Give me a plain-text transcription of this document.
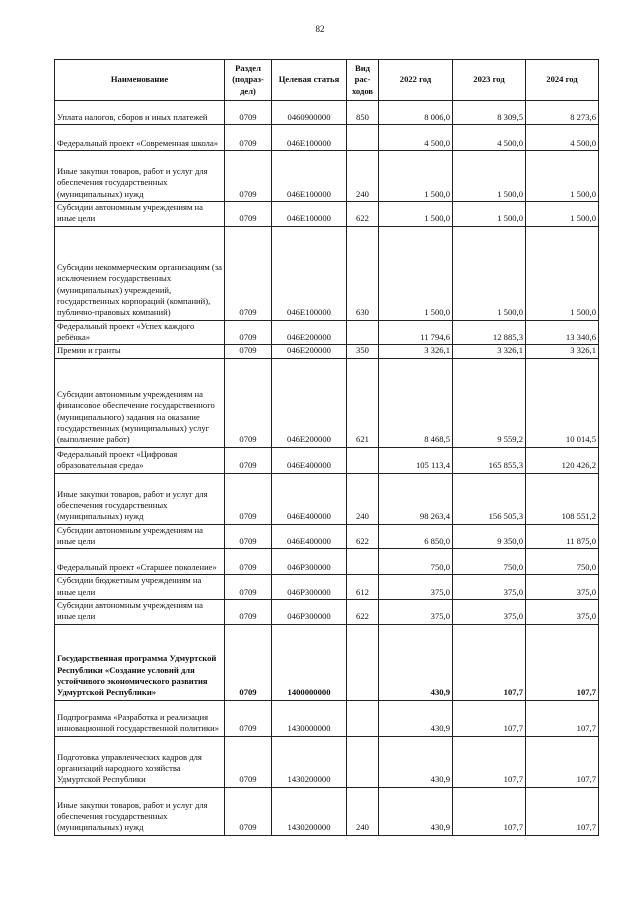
82
Наименование	Раздел (подраз- дел)	Целевая статья	Вид рас- ходов	2022 год	2023 год	2024 год
Уплата налогов, сборов и иных платежей	0709	0460900000	850	8 006,0	8 309,5	8 273,6
Федеральный проект «Современная школа»	0709	046E100000		4 500,0	4 500,0	4 500,0
Иные закупки товаров, работ и услуг для обеспечения государственных (муниципальных) нужд	0709	046E100000	240	1 500,0	1 500,0	1 500,0
Субсидии автономным учреждениям на иные цели	0709	046E100000	622	1 500,0	1 500,0	1 500,0
Субсидии некоммерческим организациям (за исключением государственных (муниципальных) учреждений, государственных корпораций (компаний), публично-правовых компаний)	0709	046E100000	630	1 500,0	1 500,0	1 500,0
Федеральный проект «Успех каждого ребёнка»	0709	046E200000		11 794,6	12 885,3	13 340,6
Премии и гранты	0709	046E200000	350	3 326,1	3 326,1	3 326,1
Субсидии автономным учреждениям на финансовое обеспечение государственного (муниципального) задания на оказание государственных (муниципальных) услуг (выполнение работ)	0709	046E200000	621	8 468,5	9 559,2	10 014,5
Федеральный проект «Цифровая образовательная среда»	0709	046E400000		105 113,4	165 855,3	120 426,2
Иные закупки товаров, работ и услуг для обеспечения государственных (муниципальных) нужд	0709	046E400000	240	98 263,4	156 505,3	108 551,2
Субсидии автономным учреждениям на иные цели	0709	046E400000	622	6 850,0	9 350,0	11 875,0
Федеральный проект «Старшее поколение»	0709	046P300000		750,0	750,0	750,0
Субсидии бюджетным учреждениям на иные цели	0709	046P300000	612	375,0	375,0	375,0
Субсидии автономным учреждениям на иные цели	0709	046P300000	622	375,0	375,0	375,0
Государственная программа Удмуртской Республики «Создание условий для устойчивого экономического развития Удмуртской Республики»	0709	1400000000		430,9	107,7	107,7
Подпрограмма «Разработка и реализация инновационной государственной политики»	0709	1430000000		430,9	107,7	107,7
Подготовка управленческих кадров для организаций народного хозяйства Удмуртской Республики	0709	1430200000		430,9	107,7	107,7
Иные закупки товаров, работ и услуг для обеспечения государственных (муниципальных) нужд	0709	1430200000	240	430,9	107,7	107,7
